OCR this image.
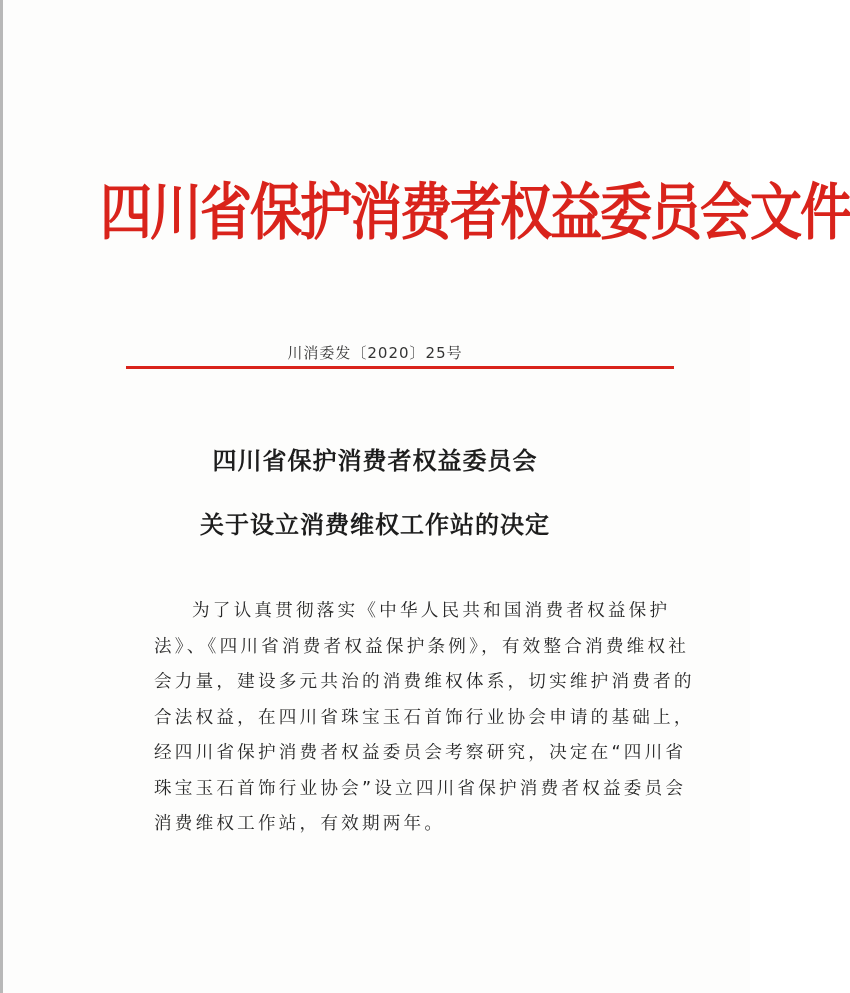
四川省保护消费者权益委员会文件
川消委发〔2020〕25号
四川省保护消费者权益委员会
关于设立消费维权工作站的决定
为了认真贯彻落实《中华人民共和国消费者权益保护
法》、《四川省消费者权益保护条例》，有效整合消费维权社
会力量，建设多元共治的消费维权体系，切实维护消费者的
合法权益，在四川省珠宝玉石首饰行业协会申请的基础上，
经四川省保护消费者权益委员会考察研究，决定在“四川省
珠宝玉石首饰行业协会”设立四川省保护消费者权益委员会
消费维权工作站，有效期两年。
